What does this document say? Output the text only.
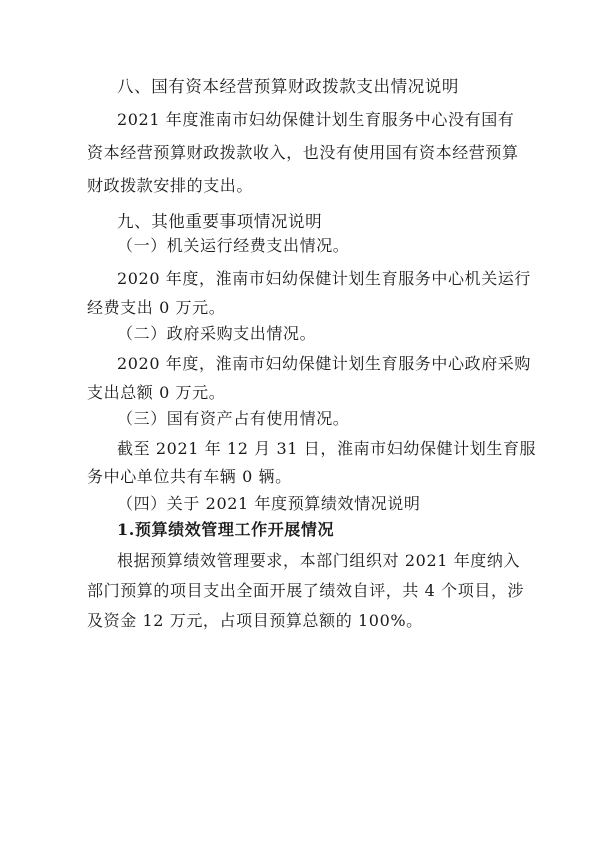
八、国有资本经营预算财政拨款支出情况说明
2021 年度淮南市妇幼保健计划生育服务中心没有国有
资本经营预算财政拨款收入，也没有使用国有资本经营预算
财政拨款安排的支出。
九、其他重要事项情况说明
（一）机关运行经费支出情况。
2020 年度，淮南市妇幼保健计划生育服务中心机关运行
经费支出 0 万元。
（二）政府采购支出情况。
2020 年度，淮南市妇幼保健计划生育服务中心政府采购
支出总额 0 万元。
（三）国有资产占有使用情况。
截至 2021 年 12 月 31 日，淮南市妇幼保健计划生育服
务中心单位共有车辆 0 辆。
（四）关于 2021 年度预算绩效情况说明
1.预算绩效管理工作开展情况
根据预算绩效管理要求，本部门组织对 2021 年度纳入
部门预算的项目支出全面开展了绩效自评，共 4 个项目，涉
及资金 12 万元，占项目预算总额的 100%。
